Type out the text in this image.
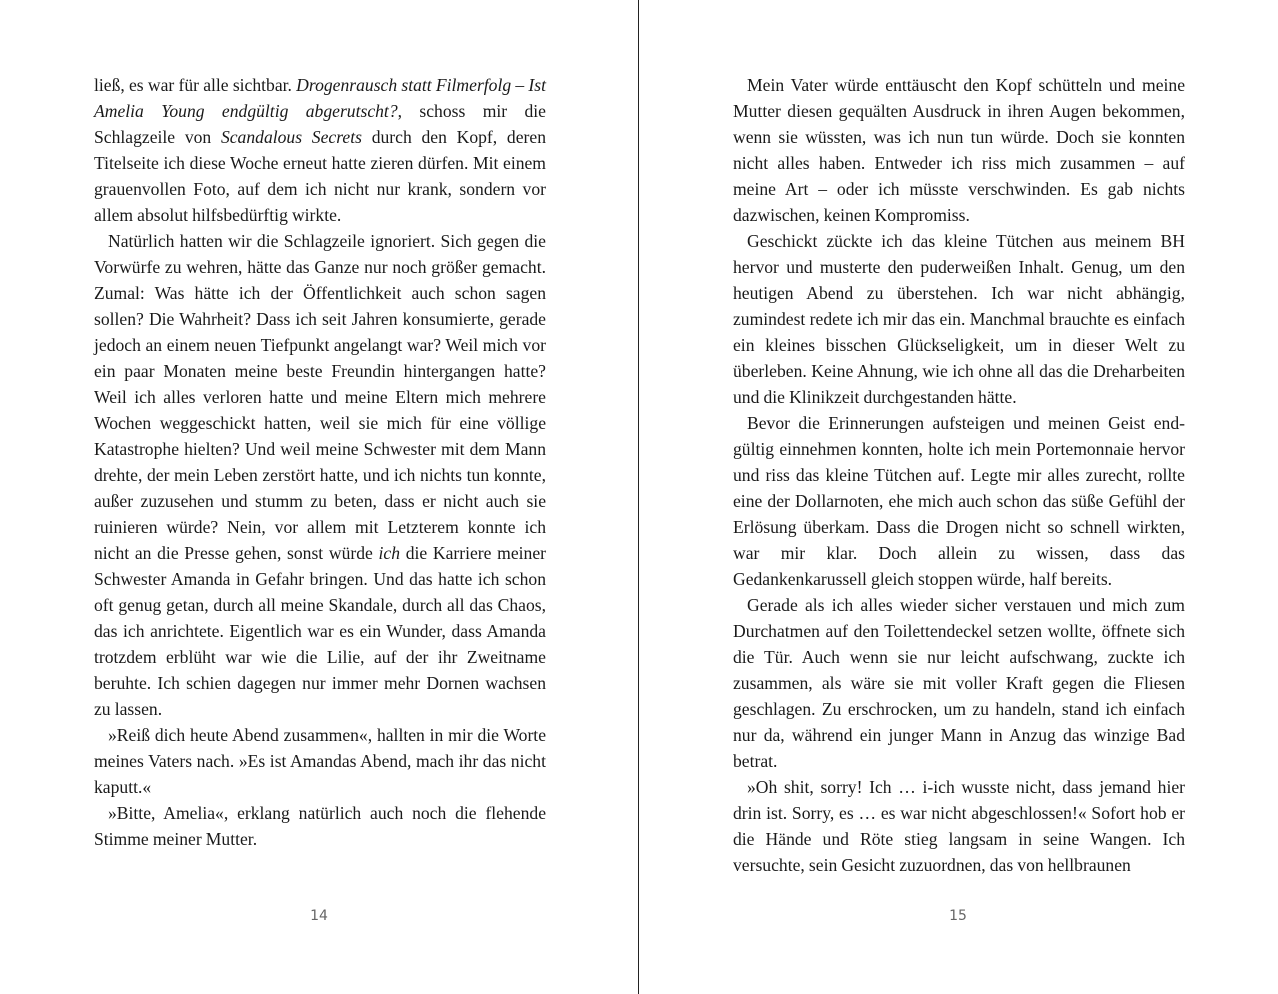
ließ, es war für alle sichtbar. Drogenrausch statt Filmerfolg – Ist Amelia Young endgültig abgerutscht?, schoss mir die Schlagzeile von Scandalous Secrets durch den Kopf, deren Titelseite ich diese Woche erneut hatte zieren dürfen. Mit einem grauenvollen Foto, auf dem ich nicht nur krank, sondern vor allem absolut hilfsbedürftig wirkte.

Natürlich hatten wir die Schlagzeile ignoriert. Sich gegen die Vorwürfe zu wehren, hätte das Ganze nur noch größer gemacht. Zumal: Was hätte ich der Öffentlichkeit auch schon sagen sollen? Die Wahrheit? Dass ich seit Jahren konsumierte, gerade jedoch an einem neuen Tiefpunkt angelangt war? Weil mich vor ein paar Monaten meine beste Freundin hintergangen hatte? Weil ich alles verloren hatte und meine Eltern mich mehrere Wochen weggeschickt hatten, weil sie mich für eine völlige Katastrophe hielten? Und weil meine Schwester mit dem Mann drehte, der mein Leben zerstört hatte, und ich nichts tun konnte, außer zuzusehen und stumm zu beten, dass er nicht auch sie ruinieren würde? Nein, vor allem mit Letzterem konnte ich nicht an die Presse gehen, sonst würde ich die Karriere meiner Schwester Amanda in Gefahr bringen. Und das hatte ich schon oft genug getan, durch all meine Skandale, durch all das Chaos, das ich anrichtete. Eigentlich war es ein Wunder, dass Amanda trotzdem erblüht war wie die Lilie, auf der ihr Zweitname beruhte. Ich schien dagegen nur immer mehr Dornen wachsen zu lassen.

»Reiß dich heute Abend zusammen«, hallten in mir die Worte meines Vaters nach. »Es ist Amandas Abend, mach ihr das nicht kaputt.«

»Bitte, Amelia«, erklang natürlich auch noch die flehende Stimme meiner Mutter.

Mein Vater würde enttäuscht den Kopf schütteln und meine Mutter diesen gequälten Ausdruck in ihren Augen bekommen, wenn sie wüssten, was ich nun tun würde. Doch sie konnten nicht alles haben. Entweder ich riss mich zusammen – auf meine Art – oder ich müsste verschwinden. Es gab nichts dazwischen, keinen Kompromiss.

Geschickt zückte ich das kleine Tütchen aus meinem BH hervor und musterte den puderweißen Inhalt. Genug, um den heutigen Abend zu überstehen. Ich war nicht abhängig, zumindest redete ich mir das ein. Manchmal brauchte es einfach ein kleines bisschen Glückseligkeit, um in dieser Welt zu überleben. Keine Ahnung, wie ich ohne all das die Dreharbeiten und die Klinikzeit durchgestanden hätte.

Bevor die Erinnerungen aufsteigen und meinen Geist endgültig einnehmen konnten, holte ich mein Portemonnaie hervor und riss das kleine Tütchen auf. Legte mir alles zurecht, rollte eine der Dollarnoten, ehe mich auch schon das süße Gefühl der Erlösung überkam. Dass die Drogen nicht so schnell wirkten, war mir klar. Doch allein zu wissen, dass das Gedankenkarussell gleich stoppen würde, half bereits.

Gerade als ich alles wieder sicher verstauen und mich zum Durchatmen auf den Toilettendeckel setzen wollte, öffnete sich die Tür. Auch wenn sie nur leicht aufschwang, zuckte ich zusammen, als wäre sie mit voller Kraft gegen die Fliesen geschlagen. Zu erschrocken, um zu handeln, stand ich einfach nur da, während ein junger Mann in Anzug das winzige Bad betrat.

»Oh shit, sorry! Ich … i-ich wusste nicht, dass jemand hier drin ist. Sorry, es … es war nicht abgeschlossen!« Sofort hob er die Hände und Röte stieg langsam in seine Wangen. Ich versuchte, sein Gesicht zuzuordnen, das von hellbraunen

14	15
